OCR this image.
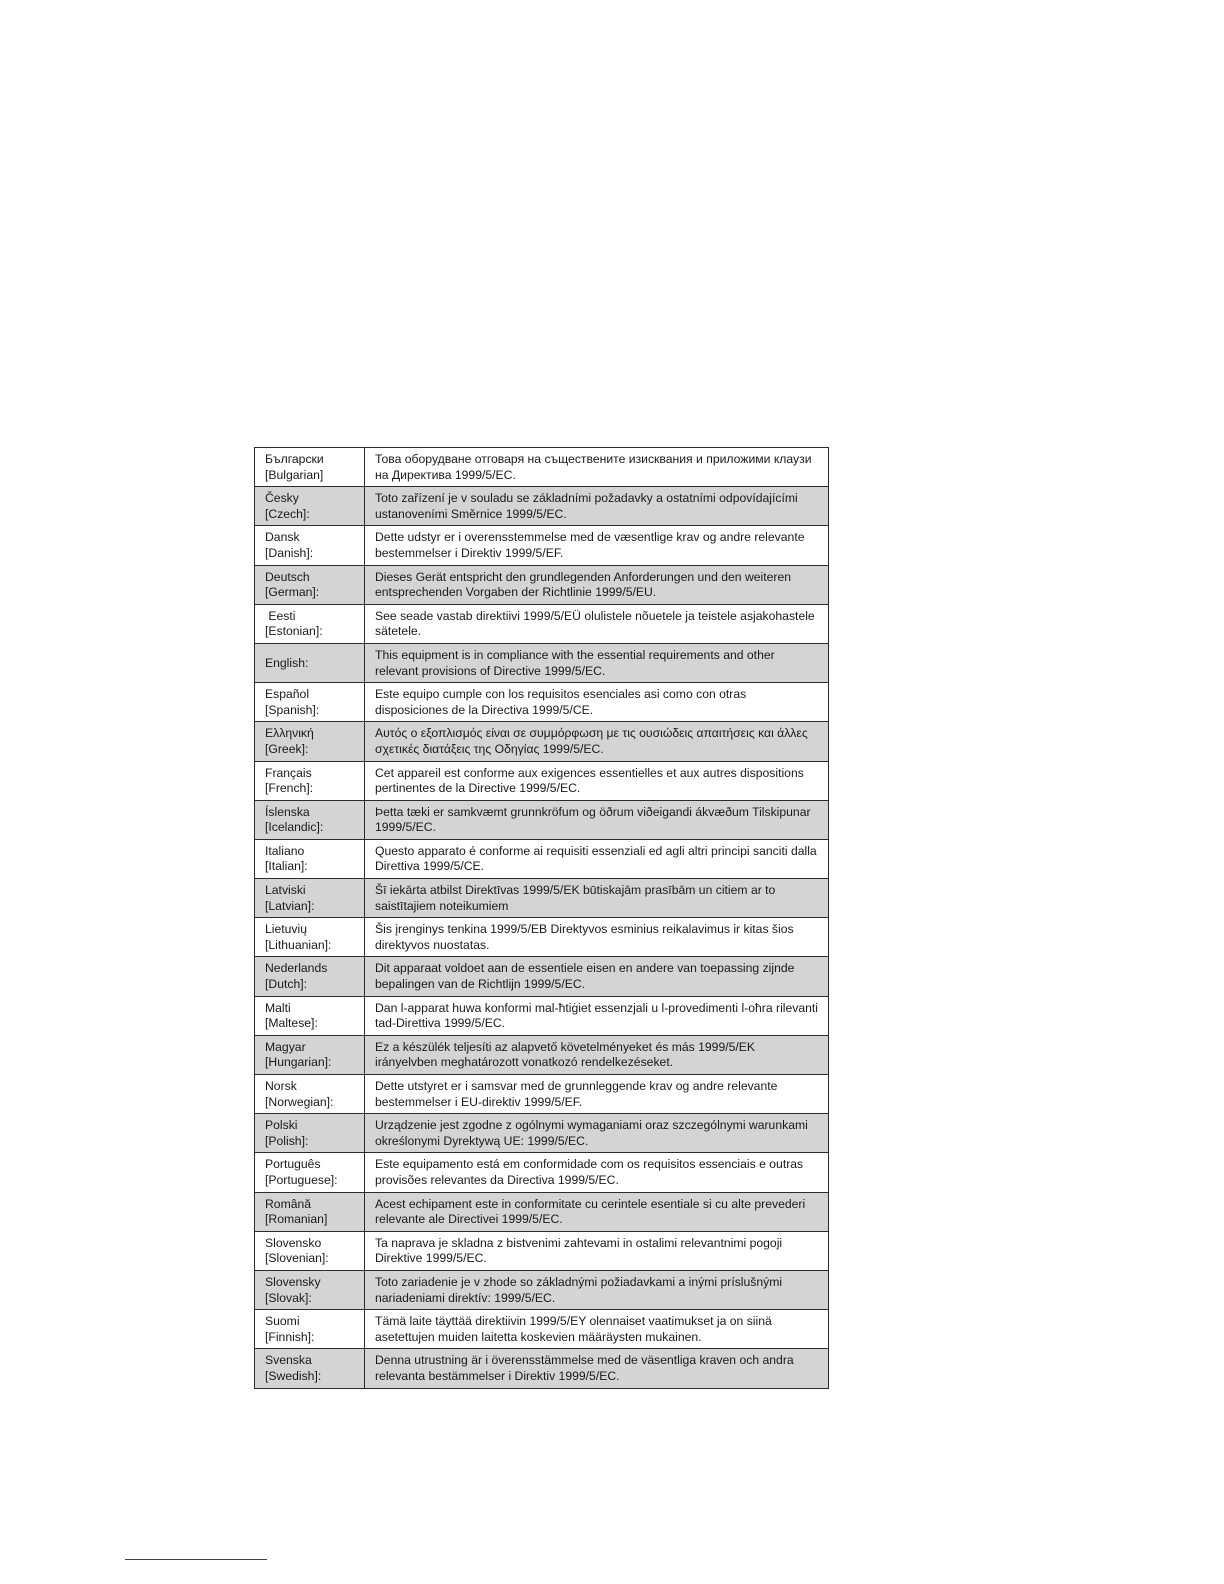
Български
[Bulgarian]	Това оборудване отговаря на съществените изисквания и приложими клаузи на Директива 1999/5/EC.

Česky
[Czech]:	Toto zařízení je v souladu se základními požadavky a ostatními odpovídajícími ustanoveními Směrnice 1999/5/EC.

Dansk
[Danish]:	Dette udstyr er i overensstemmelse med de væsentlige krav og andre relevante bestemmelser i Direktiv 1999/5/EF.

Deutsch
[German]:	Dieses Gerät entspricht den grundlegenden Anforderungen und den weiteren entsprechenden Vorgaben der Richtlinie 1999/5/EU.

Eesti
[Estonian]:	See seade vastab direktiivi 1999/5/EÜ olulistele nõuetele ja teistele asjakohastele sätetele.

English:	This equipment is in compliance with the essential requirements and other relevant provisions of Directive 1999/5/EC.

Español
[Spanish]:	Este equipo cumple con los requisitos esenciales asi como con otras disposiciones de la Directiva 1999/5/CE.

Ελληνική
[Greek]:	Αυτός ο εξοπλισμός είναι σε συμμόρφωση με τις ουσιώδεις απαιτήσεις και άλλες σχετικές διατάξεις της Οδηγίας 1999/5/EC.

Français
[French]:	Cet appareil est conforme aux exigences essentielles et aux autres dispositions pertinentes de la Directive 1999/5/EC.

Íslenska
[Icelandic]:	Þetta tæki er samkvæmt grunnkröfum og öðrum viðeigandi ákvæðum Tilskipunar 1999/5/EC.

Italiano
[Italian]:	Questo apparato é conforme ai requisiti essenziali ed agli altri principi sanciti dalla Direttiva 1999/5/CE.

Latviski
[Latvian]:	Šī iekārta atbilst Direktīvas 1999/5/EK būtiskajām prasībām un citiem ar to saistītajiem noteikumiem

Lietuvių
[Lithuanian]:	Šis įrenginys tenkina 1999/5/EB Direktyvos esminius reikalavimus ir kitas šios direktyvos nuostatas.

Nederlands
[Dutch]:	Dit apparaat voldoet aan de essentiele eisen en andere van toepassing zijnde bepalingen van de Richtlijn 1999/5/EC.

Malti
[Maltese]:	Dan l-apparat huwa konformi mal-ħtiġiet essenzjali u l-provedimenti l-oħra rilevanti tad-Direttiva 1999/5/EC.

Magyar
[Hungarian]:	Ez a készülék teljesíti az alapvető követelményeket és más 1999/5/EK irányelvben meghatározott vonatkozó rendelkezéseket.

Norsk
[Norwegian]:	Dette utstyret er i samsvar med de grunnleggende krav og andre relevante bestemmelser i EU-direktiv 1999/5/EF.

Polski
[Polish]:	Urządzenie jest zgodne z ogólnymi wymaganiami oraz szczególnymi warunkami określonymi Dyrektywą UE: 1999/5/EC.

Português
[Portuguese]:	Este equipamento está em conformidade com os requisitos essenciais e outras provisões relevantes da Directiva 1999/5/EC.

Română
[Romanian]	Acest echipament este in conformitate cu cerintele esentiale si cu alte prevederi relevante ale Directivei 1999/5/EC.

Slovensko
[Slovenian]:	Ta naprava je skladna z bistvenimi zahtevami in ostalimi relevantnimi pogoji Direktive 1999/5/EC.

Slovensky
[Slovak]:	Toto zariadenie je v zhode so základnými požiadavkami a inými príslušnými nariadeniami direktív: 1999/5/EC.

Suomi
[Finnish]:	Tämä laite täyttää direktiivin 1999/5/EY olennaiset vaatimukset ja on siinä asetettujen muiden laitetta koskevien määräysten mukainen.

Svenska
[Swedish]:	Denna utrustning är i överensstämmelse med de väsentliga kraven och andra relevanta bestämmelser i Direktiv 1999/5/EC.
